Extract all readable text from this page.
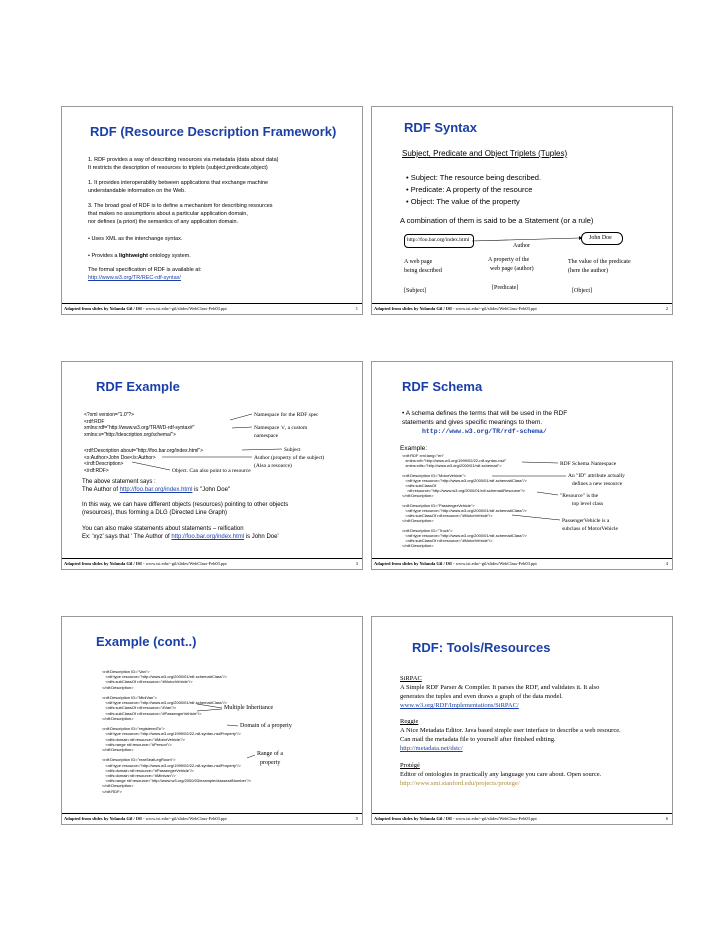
RDF (Resource Description Framework)
1. RDF provides a way of describing resources via metadata (data about data)
It restricts the description of resources to triplets (subject,predicate,object)
1. It provides interoperability between applications that exchange machine
understandable information on the Web.
3. The broad goal of RDF is to define a mechanism for describing resources
that makes no assumptions about a particular application domain,
nor defines (a priori) the semantics of any application domain.
• Uses XML as the interchange syntax.
• Provides a lightweight ontology system.
The formal specification of RDF is available at:
http://www.w3.org/TR/REC-rdf-syntax/
Adapted from slides by Yolanda Gil / ISI - www.isi.edu/~gil/slides/WebClass-Feb03.ppt	1
RDF Syntax
Subject, Predicate and Object Triplets (Tuples)
• Subject: The resource being described.
• Predicate: A property of the resource
• Object: The value of the property
A combination of them is said to be a Statement (or a rule)
http://foo.bar.org/index.html	John Doe
Author
A web page
being described
A property of the
web page (author)
The value of the predicate
(here the author)
[Subject]	[Predicate]	[Object]
Adapted from slides by Yolanda Gil / ISI - www.isi.edu/~gil/slides/WebClass-Feb03.ppt	2
RDF Example
<?xml version="1.0"?>
<rdf:RDF
xmlns:rdf="http://www.w3.org/TR/WD-rdf-syntax#"
xmlns:s="http://description.org/schema/">
<rdf:Description about="http://foo.bar.org/index.html">
<s:Author>John Doe</s:Author>
</rdf:Description>
</rdf:RDF>
Namespace for the RDF spec
Namespace 's', a custom
namespace
Subject
Author (property of the subject)
(Also a resource)
Object. Can also point to a resource
The above statement says :
The Author of http://foo.bar.org/index.html is "John Doe"
In this way, we can have different objects (resources) pointing to other objects
(resources), thus forming a DLG (Directed Line Graph)
You can also make statements about statements – reification
Ex: 'xyz' says that ' The Author of http://foo.bar.org/index.html is John Doe'
Adapted from slides by Yolanda Gil / ISI - www.isi.edu/~gil/slides/WebClass-Feb03.ppt	3
RDF Schema
• A schema defines the terms that will be used in the RDF
statements and gives specific meanings to them.
http://www.w3.org/TR/rdf-schema/
Example:
<rdf:RDF xml:lang="en"
xmlns:rdf="http://www.w3.org/1999/02/22-rdf-syntax-ns#"
xmlns:rdfs="http://www.w3.org/2000/01/rdf-schema#">
<rdf:Description ID="MotorVehicle">
<rdf:type resource="http://www.w3.org/2000/01/rdf-schema#Class"/>
<rdfs:subClassOf
rdf:resource="http://www.w3.org/2000/01/rdf-schema#Resource"/>
</rdf:Description>
<rdf:Description ID="PassengerVehicle">
<rdf:type resource="http://www.w3.org/2000/01/rdf-schema#Class"/>
<rdfs:subClassOf rdf:resource="#MotorVehicle"/>
</rdf:Description>
<rdf:Description ID="Truck">
<rdf:type resource="http://www.w3.org/2000/01/rdf-schema#Class"/>
<rdfs:subClassOf rdf:resource="#MotorVehicle"/>
</rdf:Description>
RDF Schema Namespace
An "ID" attribute actually
defines a new resource
"Resource" is the
top level class
PassengerVehicle is a
subclass of MotorVehicle
Adapted from slides by Yolanda Gil / ISI - www.isi.edu/~gil/slides/WebClass-Feb03.ppt	4
Example (cont..)
<rdf:Description ID="Van">
<rdf:type resource="http://www.w3.org/2000/01/rdf-schema#Class"/>
<rdfs:subClassOf rdf:resource="#MotorVehicle"/>
</rdf:Description>
<rdf:Description ID="MiniVan">
<rdf:type resource="http://www.w3.org/2000/01/rdf-schema#Class"/>
<rdfs:subClassOf rdf:resource="#Van"/>
<rdfs:subClassOf rdf:resource="#PassengerVehicle"/>
</rdf:Description>
<rdf:Description ID="registeredTo">
<rdf:type resource="http://www.w3.org/1999/02/22-rdf-syntax-ns#Property"/>
<rdfs:domain rdf:resource="#MotorVehicle"/>
<rdfs:range rdf:resource="#Person"/>
</rdf:Description>
<rdf:Description ID="rearSeatLegRoom">
<rdf:type resource="http://www.w3.org/1999/02/22-rdf-syntax-ns#Property"/>
<rdfs:domain rdf:resource="#PassengerVehicle"/>
<rdfs:domain rdf:resource="#Minivan"/>
<rdfs:range rdf:resource="http://www.w3.org/2000/03/example/classes#Number"/>
</rdf:Description>
</rdf:RDF>
Multiple Inheritance
Domain of a property
Range of a
property
Adapted from slides by Yolanda Gil / ISI - www.isi.edu/~gil/slides/WebClass-Feb03.ppt	5
RDF: Tools/Resources
SiRPAC
A Simple RDF Parser & Compiler. It parses the RDF, and validates it. It also
generates the tuples and even draws a graph of the data model.
www.w3.org/RDF/Implementations/SiRPAC/
Reggie
A Nice Metadata Editor. Java based simple user interface to describe a web resource.
Can mail the metadata file to yourself after finished editing.
http://metadata.net/dstc/
Protégé
Editor of ontologies in practically any language you care about. Open source.
http://www.smi.stanford.edu/projects/protege/
Adapted from slides by Yolanda Gil / ISI - www.isi.edu/~gil/slides/WebClass-Feb03.ppt	6
